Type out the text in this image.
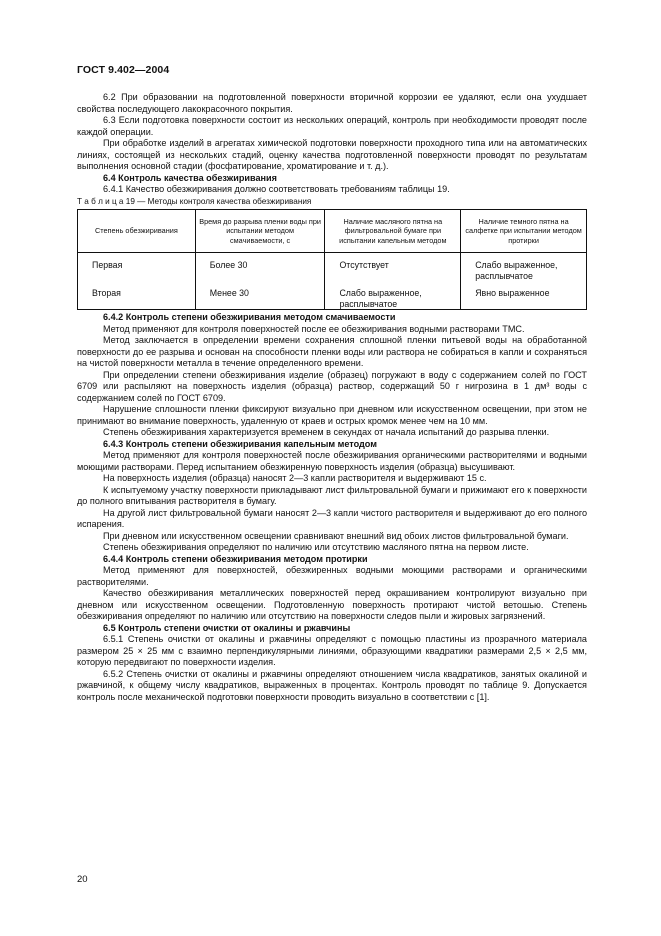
ГОСТ 9.402—2004

6.2 При образовании на подготовленной поверхности вторичной коррозии ее удаляют, если она ухудшает свойства последующего лакокрасочного покрытия.

6.3 Если подготовка поверхности состоит из нескольких операций, контроль при необходимости проводят после каждой операции.

При обработке изделий в агрегатах химической подготовки поверхности проходного типа или на автоматических линиях, состоящей из нескольких стадий, оценку качества подготовленной поверхности проводят по результатам выполнения основной стадии (фосфатирование, хроматирование и т. д.).

6.4 Контроль качества обезжиривания

6.4.1 Качество обезжиривания должно соответствовать требованиям таблицы 19.

Т а б л и ц а 19 — Методы контроля качества обезжиривания

Степень обезжиривания	Время до разрыва пленки воды при испытании методом смачиваемости, с	Наличие масляного пятна на фильтровальной бумаге при испытании капельным методом	Наличие темного пятна на салфетке при испытании методом протирки
Первая	Более 30	Отсутствует	Слабо выраженное, расплывчатое
Вторая	Менее 30	Слабо выраженное, расплывчатое	Явно выраженное
6.4.2 Контроль степени обезжиривания методом смачиваемости

Метод применяют для контроля поверхностей после ее обезжиривания водными растворами ТМС.

Метод заключается в определении времени сохранения сплошной пленки питьевой воды на обработанной поверхности до ее разрыва и основан на способности пленки воды или раствора не собираться в капли и сохраняться на чистой поверхности металла в течение определенного времени.

При определении степени обезжиривания изделие (образец) погружают в воду с содержанием солей по ГОСТ 6709 или распыляют на поверхность изделия (образца) раствор, содержащий 50 г нигрозина в 1 дм³ воды с содержанием солей по ГОСТ 6709.

Нарушение сплошности пленки фиксируют визуально при дневном или искусственном освещении, при этом не принимают во внимание поверхность, удаленную от краев и острых кромок менее чем на 10 мм.

Степень обезжиривания характеризуется временем в секундах от начала испытаний до разрыва пленки.

6.4.3 Контроль степени обезжиривания капельным методом

Метод применяют для контроля поверхностей после обезжиривания органическими растворителями и водными моющими растворами. Перед испытанием обезжиренную поверхность изделия (образца) высушивают.

На поверхность изделия (образца) наносят 2—3 капли растворителя и выдерживают 15 с.

К испытуемому участку поверхности прикладывают лист фильтровальной бумаги и прижимают его к поверхности до полного впитывания растворителя в бумагу.

На другой лист фильтровальной бумаги наносят 2—3 капли чистого растворителя и выдерживают до его полного испарения.

При дневном или искусственном освещении сравнивают внешний вид обоих листов фильтровальной бумаги.

Степень обезжиривания определяют по наличию или отсутствию масляного пятна на первом листе.

6.4.4 Контроль степени обезжиривания методом протирки

Метод применяют для поверхностей, обезжиренных водными моющими растворами и органическими растворителями.

Качество обезжиривания металлических поверхностей перед окрашиванием контролируют визуально при дневном или искусственном освещении. Подготовленную поверхность протирают чистой ветошью. Степень обезжиривания определяют по наличию или отсутствию на поверхности следов пыли и жировых загрязнений.

6.5 Контроль степени очистки от окалины и ржавчины

6.5.1 Степень очистки от окалины и ржавчины определяют с помощью пластины из прозрачного материала размером 25 × 25 мм с взаимно перпендикулярными линиями, образующими квадратики размерами 2,5 × 2,5 мм, которую передвигают по поверхности изделия.

6.5.2 Степень очистки от окалины и ржавчины определяют отношением числа квадратиков, занятых окалиной и ржавчиной, к общему числу квадратиков, выраженных в процентах. Контроль проводят по таблице 9. Допускается контроль после механической подготовки поверхности проводить визуально в соответствии с [1].

20
